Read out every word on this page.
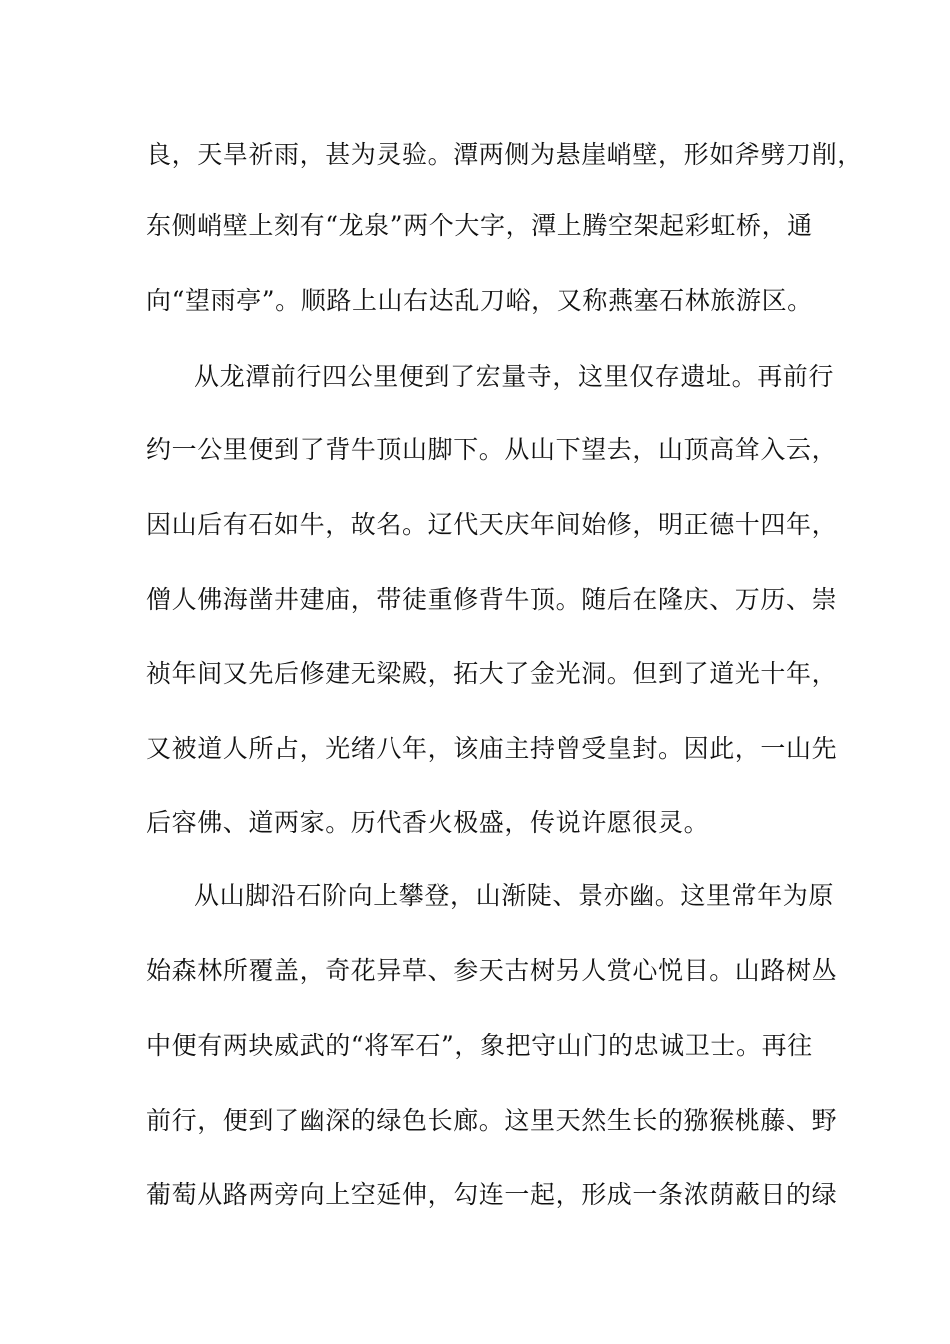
良，天旱祈雨，甚为灵验。潭两侧为悬崖峭壁，形如斧劈刀削，
东侧峭壁上刻有“龙泉”两个大字，潭上腾空架起彩虹桥，通
向“望雨亭”。顺路上山右达乱刀峪，又称燕塞石林旅游区。
从龙潭前行四公里便到了宏量寺，这里仅存遗址。再前行
约一公里便到了背牛顶山脚下。从山下望去，山顶高耸入云，
因山后有石如牛，故名。辽代天庆年间始修，明正德十四年，
僧人佛海凿井建庙，带徒重修背牛顶。随后在隆庆、万历、崇
祯年间又先后修建无梁殿，拓大了金光洞。但到了道光十年，
又被道人所占，光绪八年，该庙主持曾受皇封。因此，一山先
后容佛、道两家。历代香火极盛，传说许愿很灵。
从山脚沿石阶向上攀登，山渐陡、景亦幽。这里常年为原
始森林所覆盖，奇花异草、参天古树另人赏心悦目。山路树丛
中便有两块威武的“将军石”，象把守山门的忠诚卫士。再往
前行，便到了幽深的绿色长廊。这里天然生长的猕猴桃藤、野
葡萄从路两旁向上空延伸，勾连一起，形成一条浓荫蔽日的绿
